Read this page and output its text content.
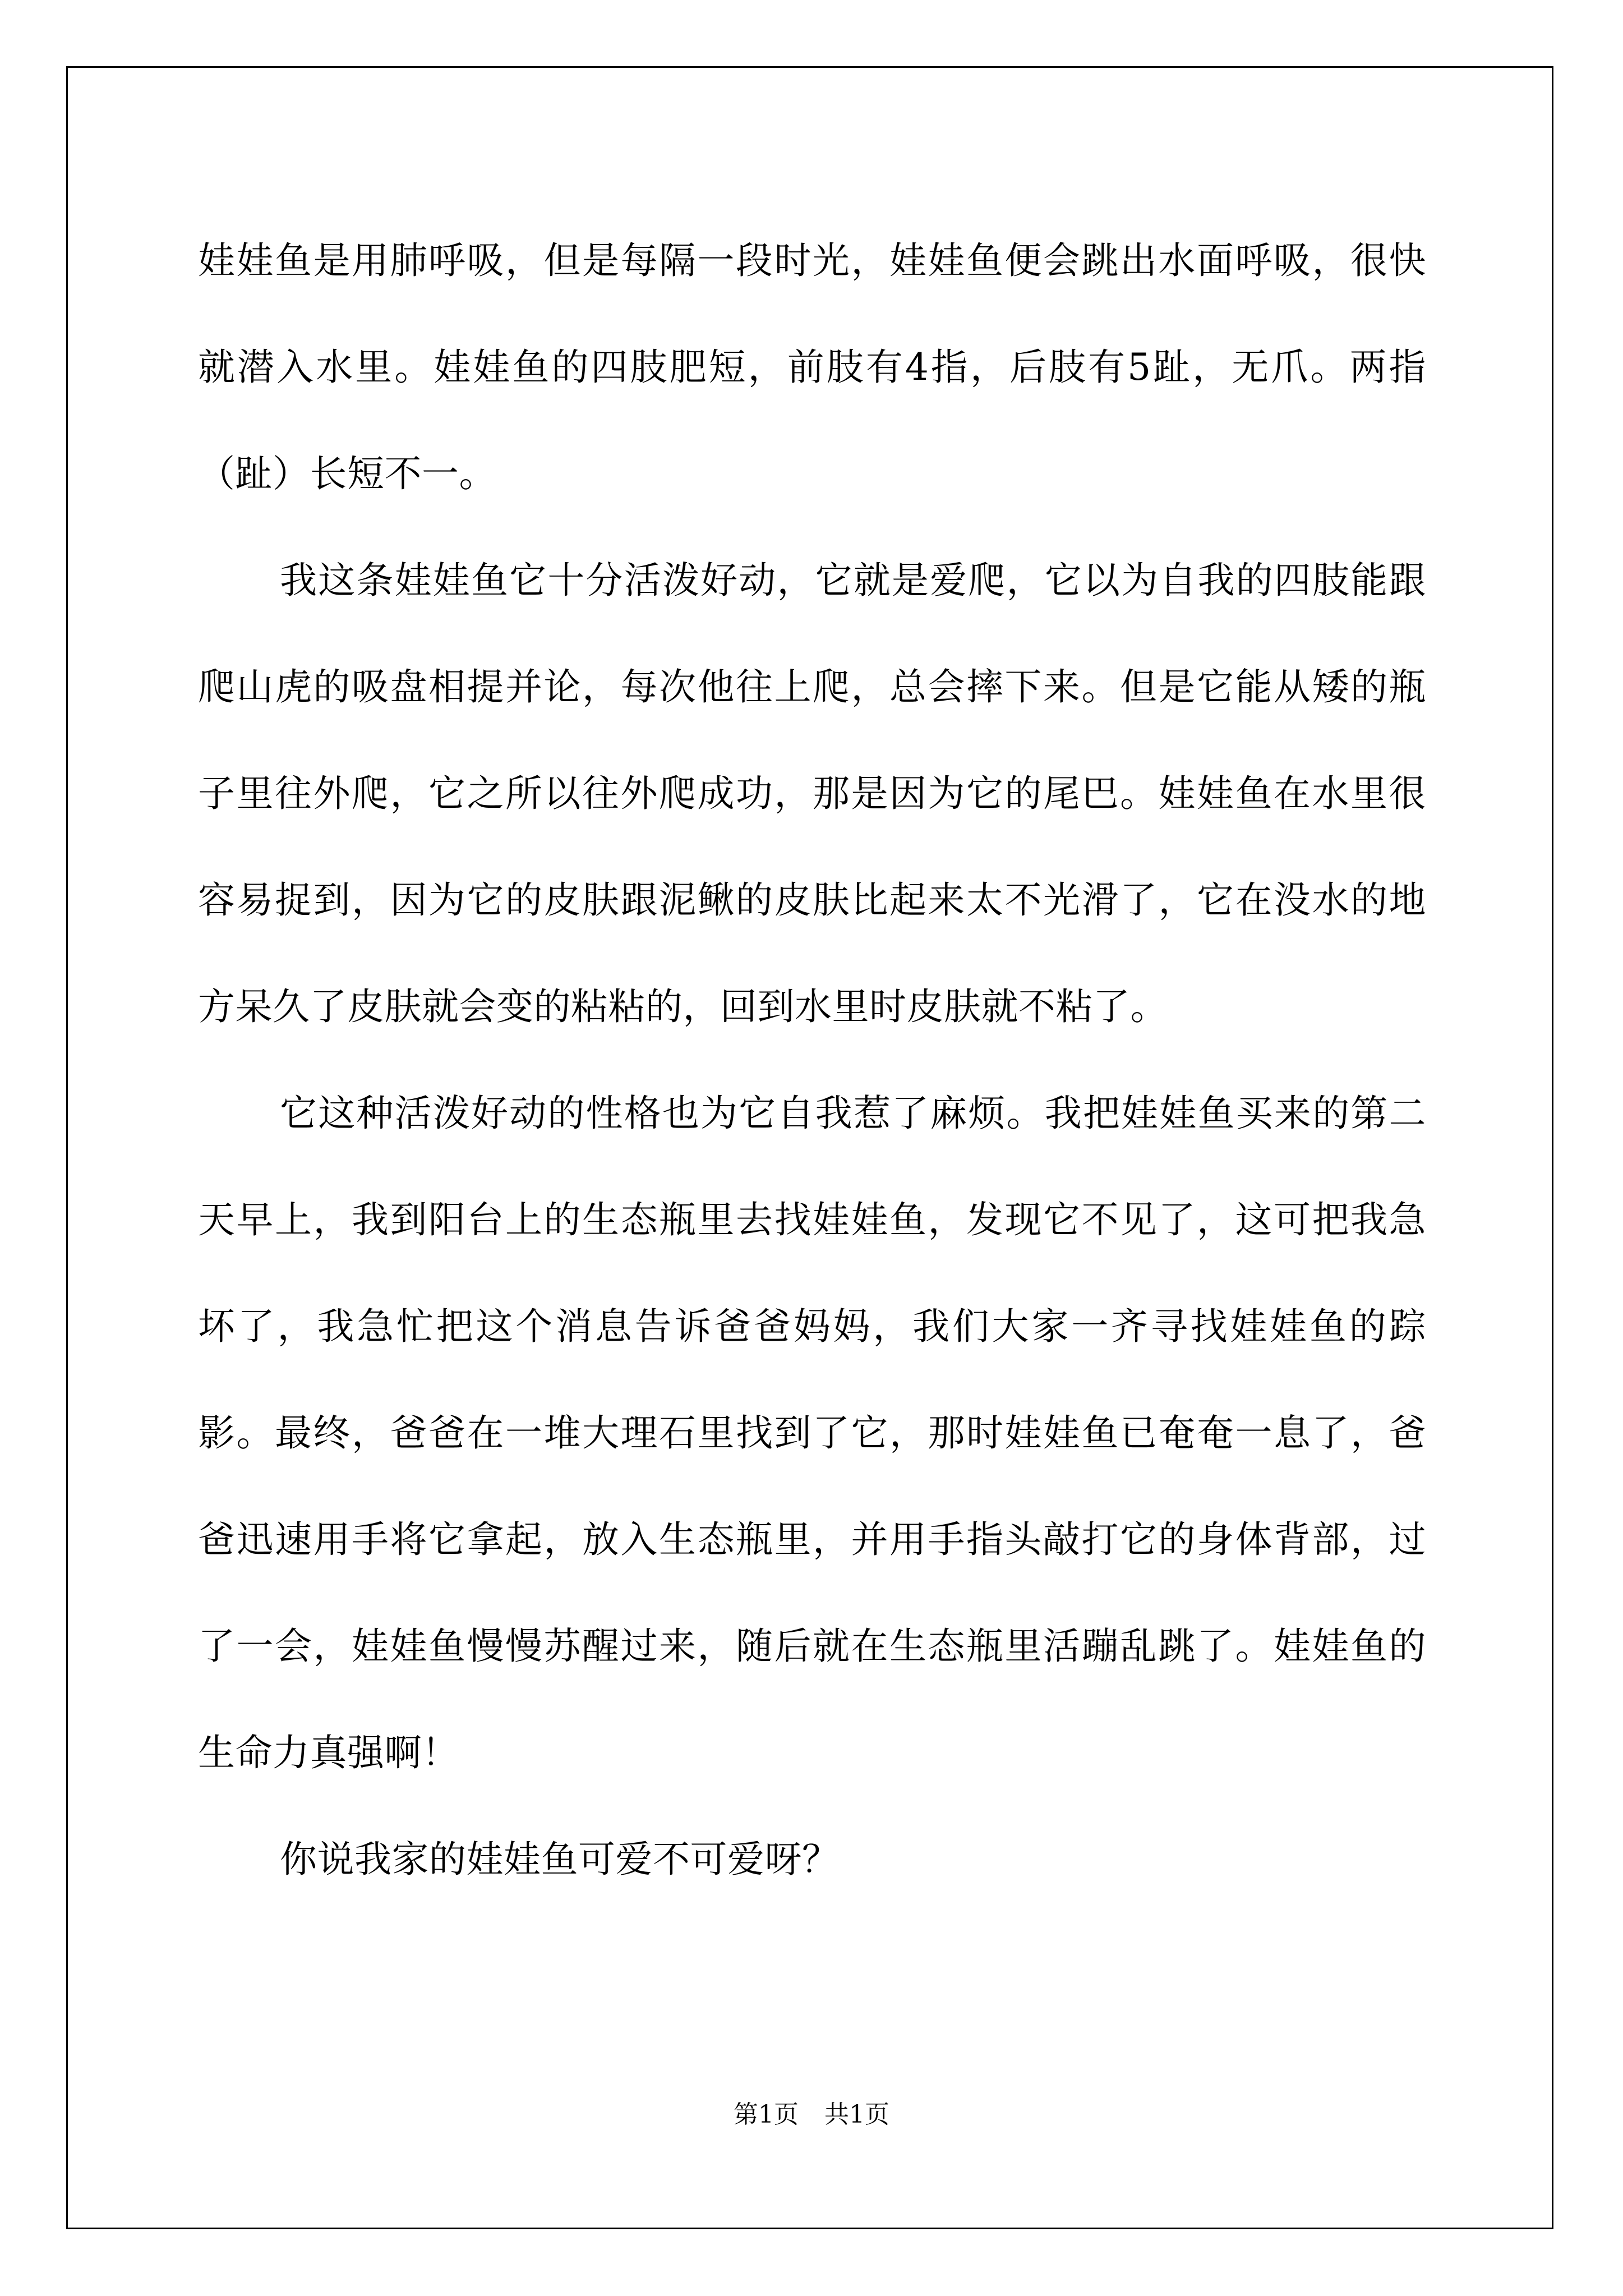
娃娃鱼是用肺呼吸，但是每隔一段时光，娃娃鱼便会跳出水面呼吸，很快就潜入水里。娃娃鱼的四肢肥短，前肢有4指，后肢有5趾，无爪。两指（趾）长短不一。

我这条娃娃鱼它十分活泼好动，它就是爱爬，它以为自我的四肢能跟爬山虎的吸盘相提并论，每次他往上爬，总会摔下来。但是它能从矮的瓶子里往外爬，它之所以往外爬成功，那是因为它的尾巴。娃娃鱼在水里很容易捉到，因为它的皮肤跟泥鳅的皮肤比起来太不光滑了，它在没水的地方呆久了皮肤就会变的粘粘的，回到水里时皮肤就不粘了。

它这种活泼好动的性格也为它自我惹了麻烦。我把娃娃鱼买来的第二天早上，我到阳台上的生态瓶里去找娃娃鱼，发现它不见了，这可把我急坏了，我急忙把这个消息告诉爸爸妈妈，我们大家一齐寻找娃娃鱼的踪影。最终，爸爸在一堆大理石里找到了它，那时娃娃鱼已奄奄一息了，爸爸迅速用手将它拿起，放入生态瓶里，并用手指头敲打它的身体背部，过了一会，娃娃鱼慢慢苏醒过来，随后就在生态瓶里活蹦乱跳了。娃娃鱼的生命力真强啊！

你说我家的娃娃鱼可爱不可爱呀？

第1页 共1页
